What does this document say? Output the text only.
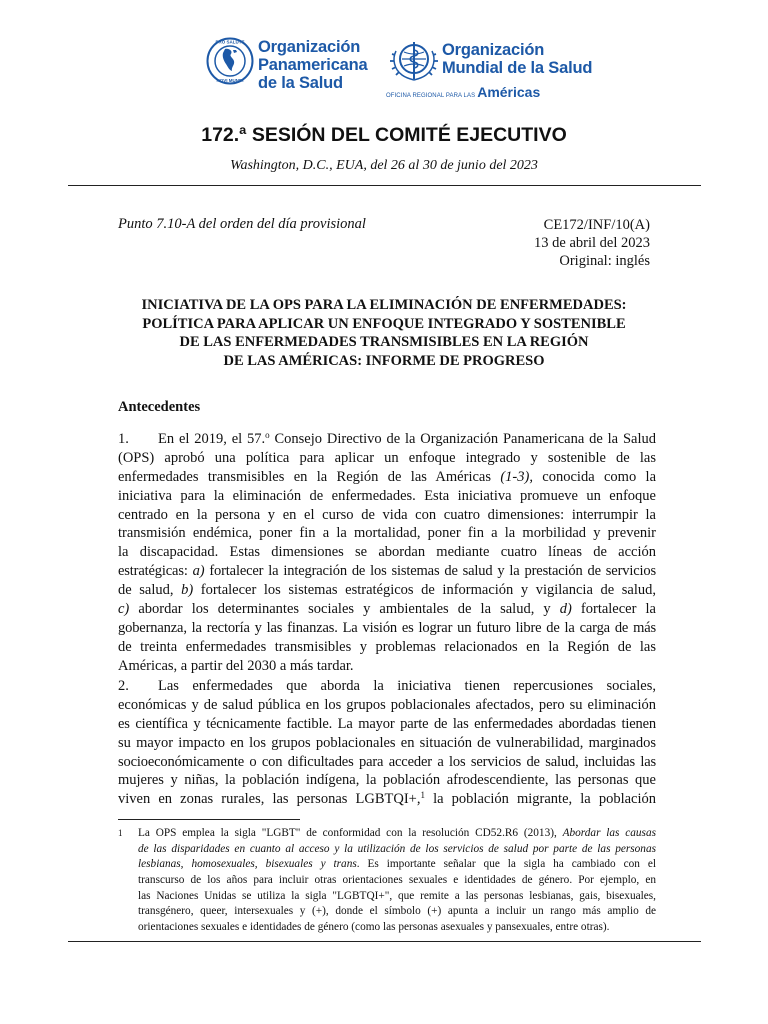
PRO SALUTE
NOVI MUNDI
Organización
Panamericana
de la Salud
Organización
Mundial de la Salud
OFICINA REGIONAL PARA LAS Américas
172.ª SESIÓN DEL COMITÉ EJECUTIVO
Washington, D.C., EUA, del 26 al 30 de junio del 2023
Punto 7.10-A del orden del día provisional	CE172/INF/10(A)
13 de abril del 2023
Original: inglés
INICIATIVA DE LA OPS PARA LA ELIMINACIÓN DE ENFERMEDADES:
POLÍTICA PARA APLICAR UN ENFOQUE INTEGRADO Y SOSTENIBLE
DE LAS ENFERMEDADES TRANSMISIBLES EN LA REGIÓN
DE LAS AMÉRICAS: INFORME DE PROGRESO
Antecedentes
1. En el 2019, el 57.$^o$ Consejo Directivo de la Organización Panamericana de la Salud
(OPS) aprobó una política para aplicar un enfoque integrado y sostenible de las
enfermedades transmisibles en la Región de las Américas (1-3), conocida como la
iniciativa para la eliminación de enfermedades. Esta iniciativa promueve un enfoque
centrado en la persona y en el curso de vida con cuatro dimensiones: interrumpir la
transmisión endémica, poner fin a la mortalidad, poner fin a la morbilidad y prevenir
la discapacidad. Estas dimensiones se abordan mediante cuatro líneas de acción
estratégicas: a) fortalecer la integración de los sistemas de salud y la prestación de servicios
de salud, b) fortalecer los sistemas estratégicos de información y vigilancia de salud,
c) abordar los determinantes sociales y ambientales de la salud, y d) fortalecer la
gobernanza, la rectoría y las finanzas. La visión es lograr un futuro libre de la carga de más
de treinta enfermedades transmisibles y problemas relacionados en la Región de las
Américas, a partir del 2030 a más tardar.
2. Las enfermedades que aborda la iniciativa tienen repercusiones sociales,
económicas y de salud pública en los grupos poblacionales afectados, pero su eliminación
es científica y técnicamente factible. La mayor parte de las enfermedades abordadas tienen
su mayor impacto en los grupos poblacionales en situación de vulnerabilidad, marginados
socioeconómicamente o con dificultades para acceder a los servicios de salud, incluidas las
mujeres y niñas, la población indígena, la población afrodescendiente, las personas que
viven en zonas rurales, las personas LGBTQI+,$^1$ la población migrante, la población
1	La OPS emplea la sigla "LGBT" de conformidad con la resolución CD52.R6 (2013), Abordar las causas
de las disparidades en cuanto al acceso y la utilización de los servicios de salud por parte de las personas
lesbianas, homosexuales, bisexuales y trans. Es importante señalar que la sigla ha cambiado con el
transcurso de los años para incluir otras orientaciones sexuales e identidades de género. Por ejemplo, en
las Naciones Unidas se utiliza la sigla "LGBTQI+", que remite a las personas lesbianas, gais, bisexuales,
transgénero, queer, intersexuales y (+), donde el símbolo (+) apunta a incluir un rango más amplio de
orientaciones sexuales e identidades de género (como las personas asexuales y pansexuales, entre otras).
